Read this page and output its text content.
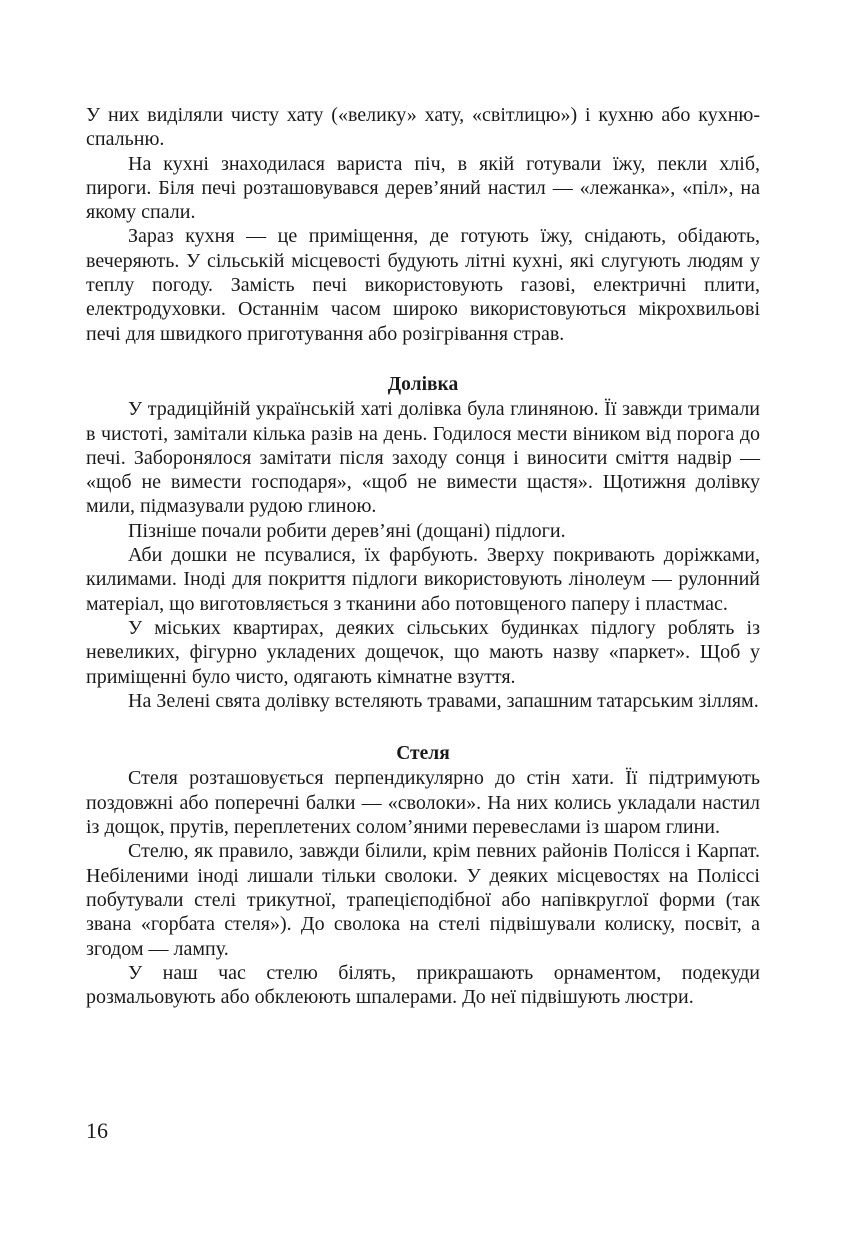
У них виділяли чисту хату («велику» хату, «світлицю») і кухню або кухню-спальню.

На кухні знаходилася вариста піч, в якій готували їжу, пекли хліб, пироги. Біля печі розташовувався дерев’яний настил — «лежанка», «піл», на якому спали.

Зараз кухня — це приміщення, де готують їжу, снідають, обідають, вечеряють. У сільській місцевості будують літні кухні, які слугують людям у теплу погоду. Замість печі використовують газові, електричні плити, електродуховки. Останнім часом широко використовуються мікрохвильові печі для швидкого приготування або розігрівання страв.

Долівка

У традиційній українській хаті долівка була глиняною. Її завжди тримали в чистоті, замітали кілька разів на день. Годилося мести віником від порога до печі. Заборонялося замітати після заходу сонця і виносити сміття надвір — «щоб не вимести господаря», «щоб не вимести щастя». Щотижня долівку мили, підмазували рудою глиною.

Пізніше почали робити дерев’яні (дощані) підлоги.

Аби дошки не псувалися, їх фарбують. Зверху покривають доріжками, килимами. Іноді для покриття підлоги використовують лінолеум — рулонний матеріал, що виготовляється з тканини або потовщеного паперу і пластмас.

У міських квартирах, деяких сільських будинках підлогу роблять із невеликих, фігурно укладених дощечок, що мають назву «паркет». Щоб у приміщенні було чисто, одягають кімнатне взуття.

На Зелені свята долівку встеляють травами, запашним татарським зіллям.

Стеля

Стеля розташовується перпендикулярно до стін хати. Її підтримують поздовжні або поперечні балки — «сволоки». На них колись укладали настил із дощок, прутів, переплетених солом’яними перевеслами із шаром глини.

Стелю, як правило, завжди білили, крім певних районів Полісся і Карпат. Небіленими іноді лишали тільки сволоки. У деяких місцевостях на Поліссі побутували стелі трикутної, трапецієподібної або напівкруглої форми (так звана «горбата стеля»). До сволока на стелі підвішували колиску, посвіт, а згодом — лампу.

У наш час стелю білять, прикрашають орнаментом, подекуди розмальовують або обклеюють шпалерами. До неї підвішують люстри.

16
